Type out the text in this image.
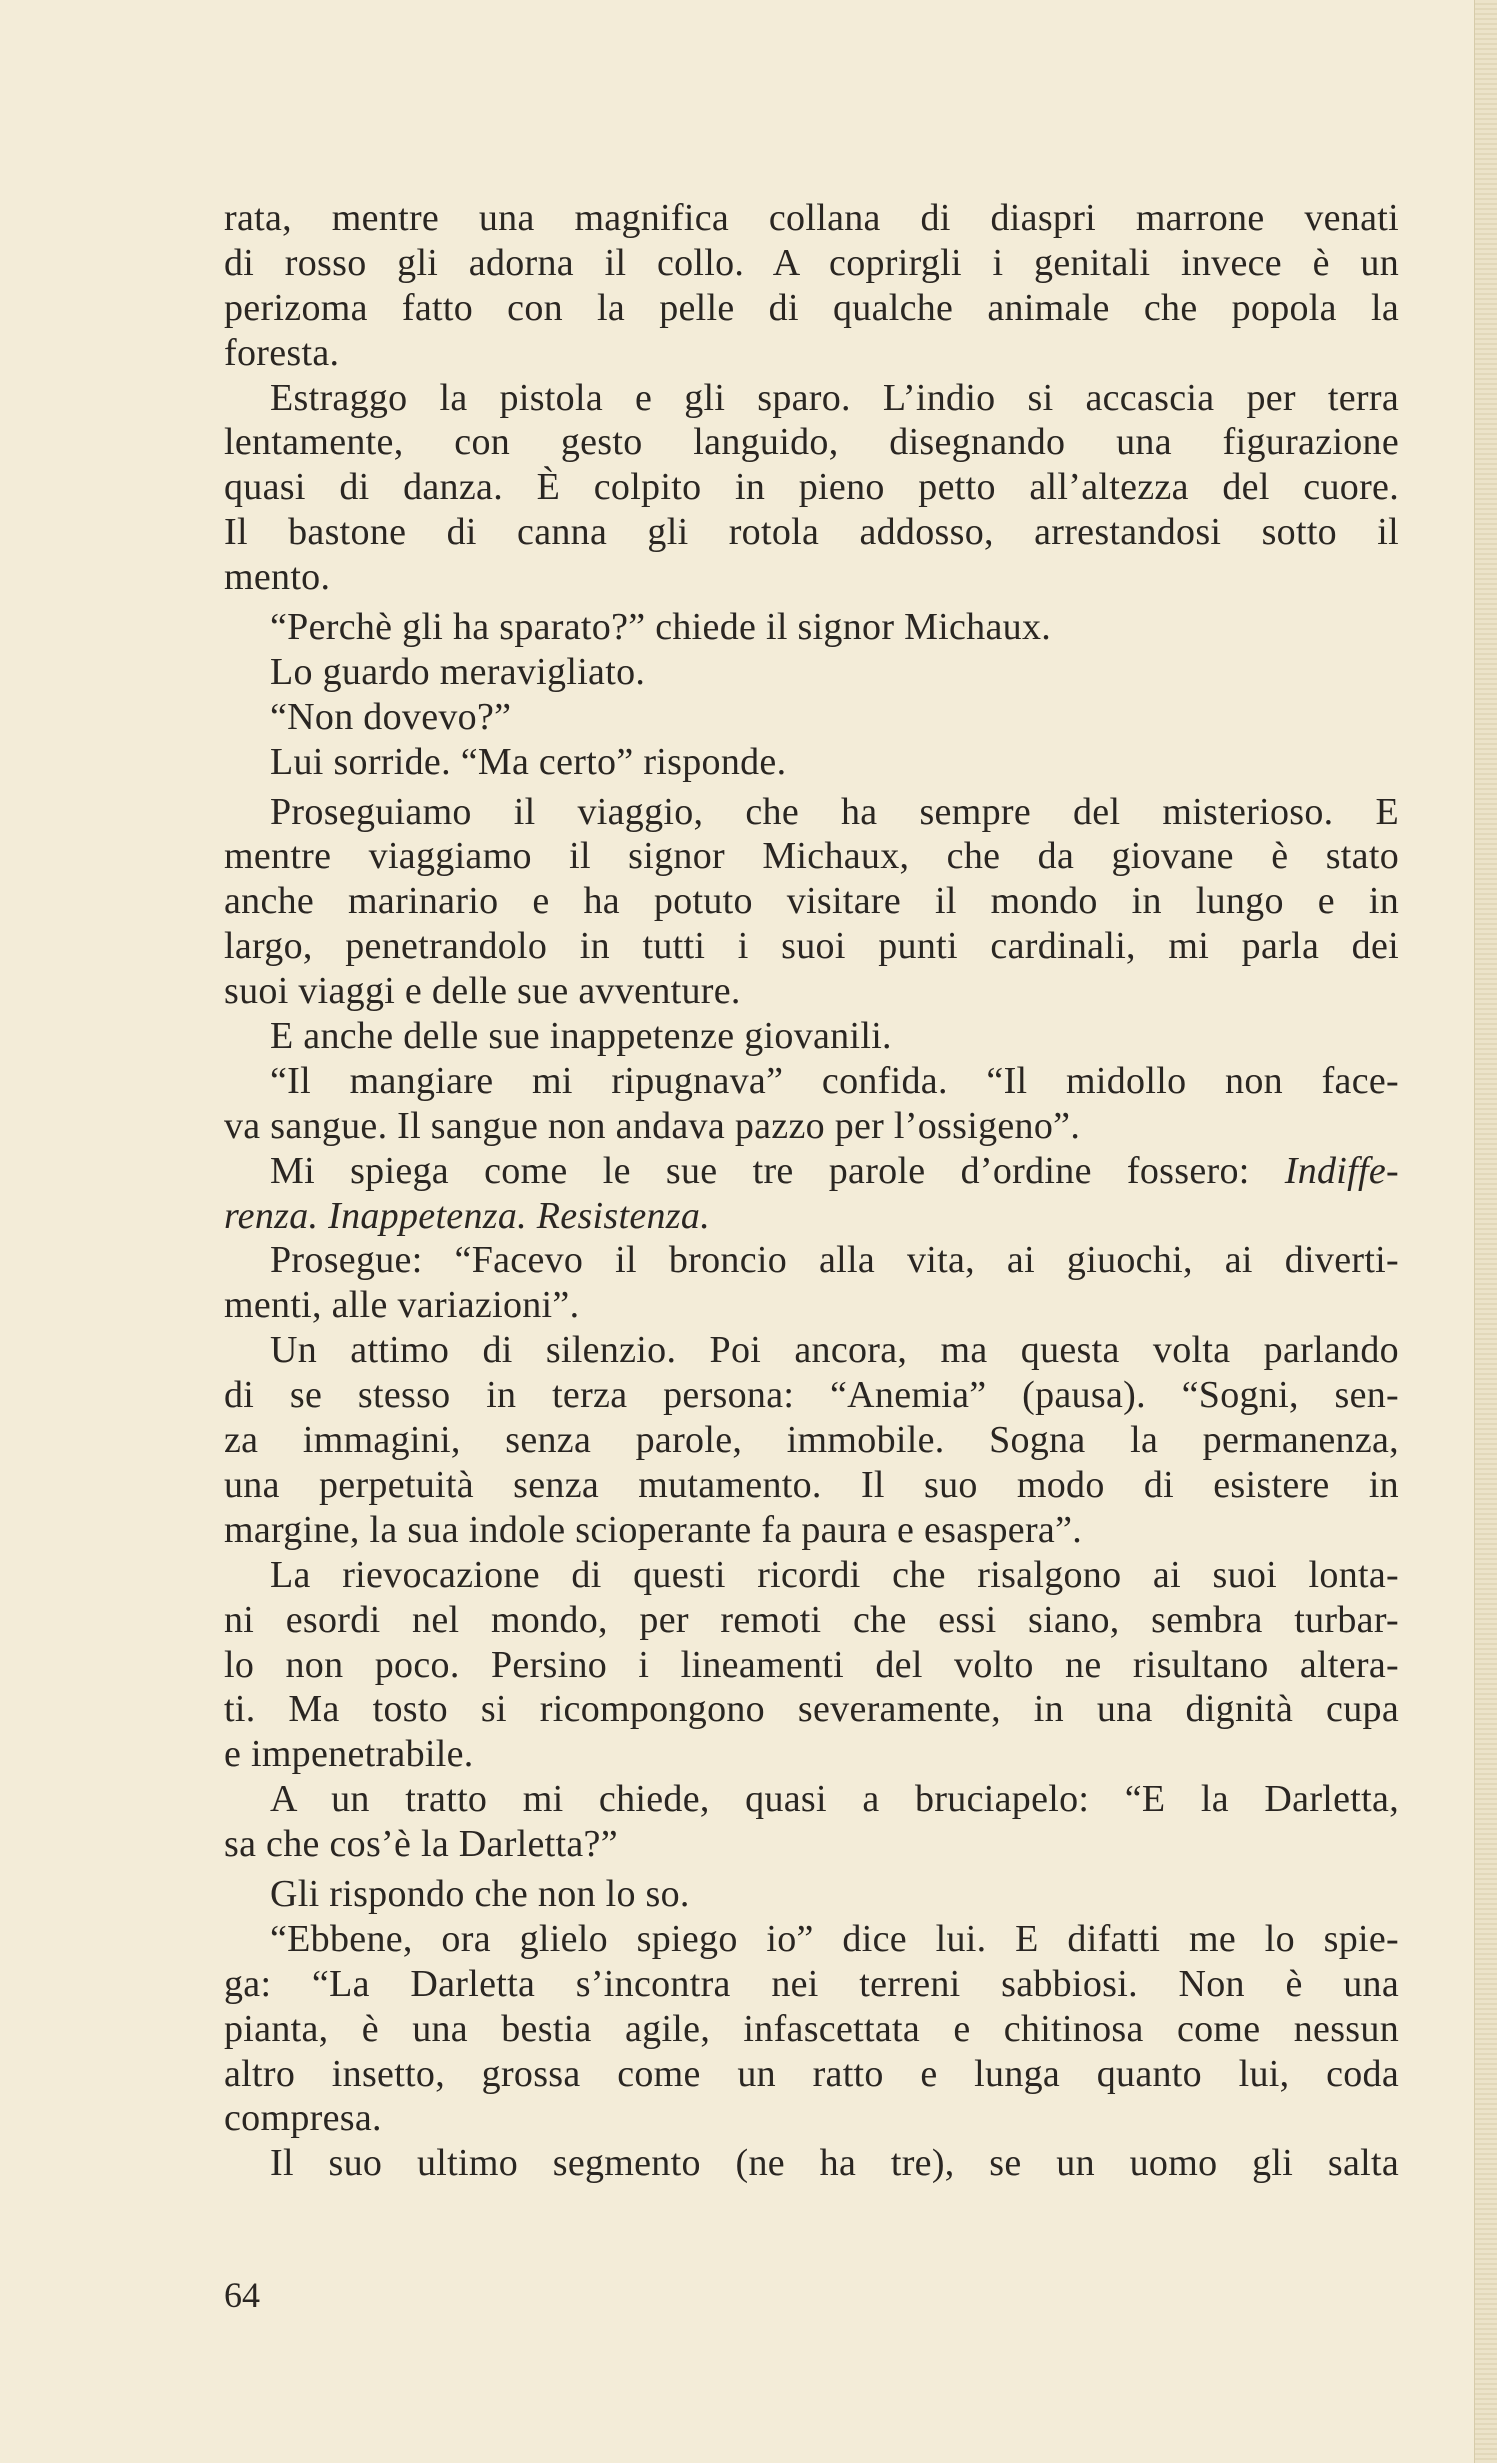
rata, mentre una magnifica collana di diaspri marrone venati
di rosso gli adorna il collo. A coprirgli i genitali invece è un
perizoma fatto con la pelle di qualche animale che popola la
foresta.
Estraggo la pistola e gli sparo. L’indio si accascia per terra
lentamente, con gesto languido, disegnando una figurazione
quasi di danza. È colpito in pieno petto all’altezza del cuore.
Il bastone di canna gli rotola addosso, arrestandosi sotto il
mento.
“Perchè gli ha sparato?” chiede il signor Michaux.
Lo guardo meravigliato.
“Non dovevo?”
Lui sorride. “Ma certo” risponde.
Proseguiamo il viaggio, che ha sempre del misterioso. E
mentre viaggiamo il signor Michaux, che da giovane è stato
anche marinario e ha potuto visitare il mondo in lungo e in
largo, penetrandolo in tutti i suoi punti cardinali, mi parla dei
suoi viaggi e delle sue avventure.
E anche delle sue inappetenze giovanili.
“Il mangiare mi ripugnava” confida. “Il midollo non face-
va sangue. Il sangue non andava pazzo per l’ossigeno”.
Mi spiega come le sue tre parole d’ordine fossero: Indiffe-
renza. Inappetenza. Resistenza.
Prosegue: “Facevo il broncio alla vita, ai giuochi, ai diverti-
menti, alle variazioni”.
Un attimo di silenzio. Poi ancora, ma questa volta parlando
di se stesso in terza persona: “Anemia” (pausa). “Sogni, sen-
za immagini, senza parole, immobile. Sogna la permanenza,
una perpetuità senza mutamento. Il suo modo di esistere in
margine, la sua indole scioperante fa paura e esaspera”.
La rievocazione di questi ricordi che risalgono ai suoi lonta-
ni esordi nel mondo, per remoti che essi siano, sembra turbar-
lo non poco. Persino i lineamenti del volto ne risultano altera-
ti. Ma tosto si ricompongono severamente, in una dignità cupa
e impenetrabile.
A un tratto mi chiede, quasi a bruciapelo: “E la Darletta,
sa che cos’è la Darletta?”
Gli rispondo che non lo so.
“Ebbene, ora glielo spiego io” dice lui. E difatti me lo spie-
ga: “La Darletta s’incontra nei terreni sabbiosi. Non è una
pianta, è una bestia agile, infascettata e chitinosa come nessun
altro insetto, grossa come un ratto e lunga quanto lui, coda
compresa.
Il suo ultimo segmento (ne ha tre), se un uomo gli salta
64
